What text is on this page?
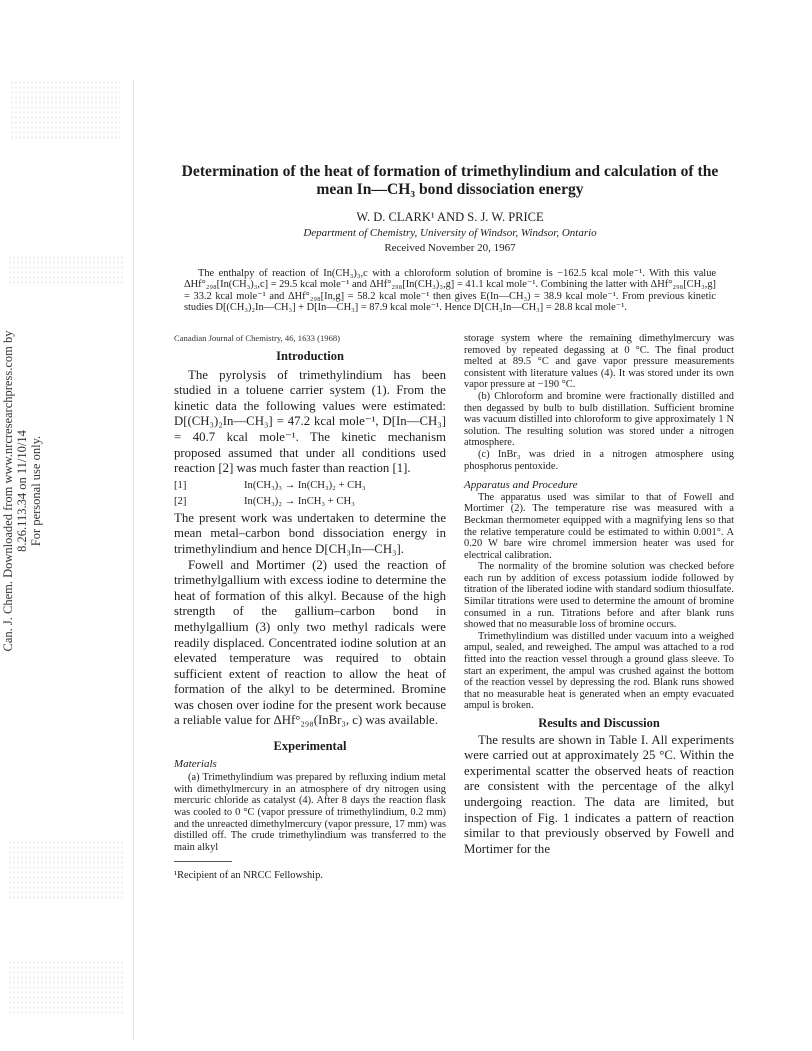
Can. J. Chem. Downloaded from www.nrcresearchpress.com by 8.26.113.34 on 11/10/14 For personal use only.
Determination of the heat of formation of trimethylindium and calculation of the mean In—CH₃ bond dissociation energy
W. D. CLARK¹ AND S. J. W. PRICE
Department of Chemistry, University of Windsor, Windsor, Ontario
Received November 20, 1967
The enthalpy of reaction of In(CH₃)₃,c with a chloroform solution of bromine is −162.5 kcal mole⁻¹. With this value ΔHf°₂₉₈[In(CH₃)₃,c] = 29.5 kcal mole⁻¹ and ΔHf°₂₉₈[In(CH₃)₃,g] = 41.1 kcal mole⁻¹. Combining the latter with ΔHf°₂₉₈[CH₃,g] = 33.2 kcal mole⁻¹ and ΔHf°₂₉₈[In,g] = 58.2 kcal mole⁻¹ then gives E(In—CH₃) = 38.9 kcal mole⁻¹. From previous kinetic studies D[(CH₃)₂In—CH₃] + D[In—CH₃] = 87.9 kcal mole⁻¹. Hence D[CH₃In—CH₃] = 28.8 kcal mole⁻¹.
Canadian Journal of Chemistry, 46, 1633 (1968)
Introduction

The pyrolysis of trimethylindium has been studied in a toluene carrier system (1). From the kinetic data the following values were estimated: D[(CH₃)₂In—CH₃] = 47.2 kcal mole⁻¹, D[In—CH₃] = 40.7 kcal mole⁻¹. The kinetic mechanism proposed assumed that under all conditions used reaction [2] was much faster than reaction [1].

[1]	In(CH₃)₃ → In(CH₃)₂ + CH₃
[2]	In(CH₃)₂ → InCH₃ + CH₃

The present work was undertaken to determine the mean metal–carbon bond dissociation energy in trimethylindium and hence D[CH₃In—CH₃].

Fowell and Mortimer (2) used the reaction of trimethylgallium with excess iodine to determine the heat of formation of this alkyl. Because of the high strength of the gallium–carbon bond in methylgallium (3) only two methyl radicals were readily displaced. Concentrated iodine solution at an elevated temperature was required to obtain sufficient extent of reaction to allow the heat of formation of the alkyl to be determined. Bromine was chosen over iodine for the present work because a reliable value for ΔHf°₂₉₈(InBr₃, c) was available.

Experimental
Materials

(a) Trimethylindium was prepared by refluxing indium metal with dimethylmercury in an atmosphere of dry nitrogen using mercuric chloride as catalyst (4). After 8 days the reaction flask was cooled to 0 °C (vapor pressure of trimethylindium, 0.2 mm) and the unreacted dimethylmercury (vapor pressure, 17 mm) was distilled off. The crude trimethylindium was transferred to the main alkyl

¹Recipient of an NRCC Fellowship.

storage system where the remaining dimethylmercury was removed by repeated degassing at 0 °C. The final product melted at 89.5 °C and gave vapor pressure measurements consistent with literature values (4). It was stored under its own vapor pressure at −190 °C.

(b) Chloroform and bromine were fractionally distilled and then degassed by bulb to bulb distillation. Sufficient bromine was vacuum distilled into chloroform to give approximately 1 N solution. The resulting solution was stored under a nitrogen atmosphere.

(c) InBr₃ was dried in a nitrogen atmosphere using phosphorus pentoxide.

Apparatus and Procedure

The apparatus used was similar to that of Fowell and Mortimer (2). The temperature rise was measured with a Beckman thermometer equipped with a magnifying lens so that the relative temperature could be estimated to within 0.001°. A 0.20 W bare wire chromel immersion heater was used for electrical calibration.

The normality of the bromine solution was checked before each run by addition of excess potassium iodide followed by titration of the liberated iodine with standard sodium thiosulfate. Similar titrations were used to determine the amount of bromine consumed in a run. Titrations before and after blank runs showed that no measurable loss of bromine occurs.

Trimethylindium was distilled under vacuum into a weighed ampul, sealed, and reweighed. The ampul was attached to a rod fitted into the reaction vessel through a ground glass sleeve. To start an experiment, the ampul was crushed against the bottom of the reaction vessel by depressing the rod. Blank runs showed that no measurable heat is generated when an empty evacuated ampul is broken.

Results and Discussion

The results are shown in Table I. All experiments were carried out at approximately 25 °C. Within the experimental scatter the observed heats of reaction are consistent with the percentage of the alkyl undergoing reaction. The data are limited, but inspection of Fig. 1 indicates a pattern of reaction similar to that previously observed by Fowell and Mortimer for the
